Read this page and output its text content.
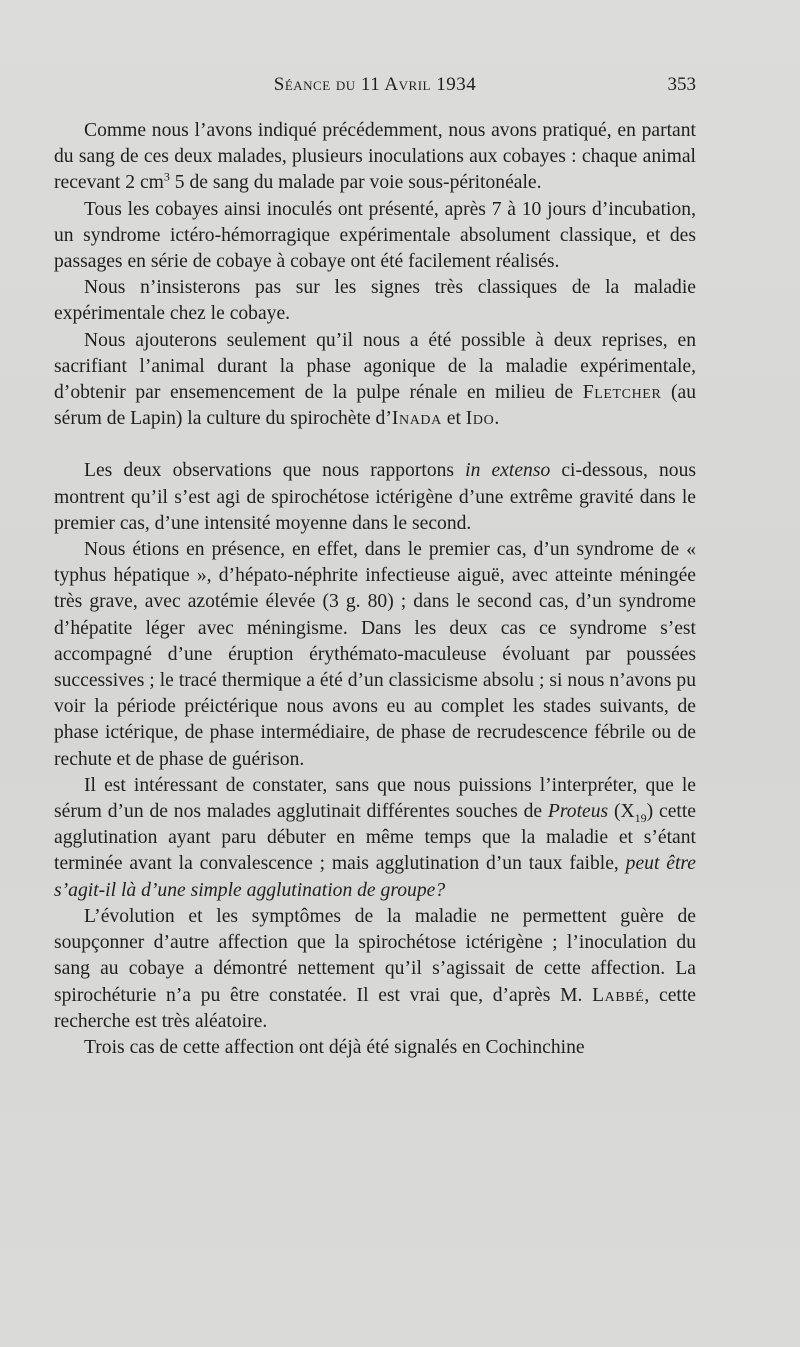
Séance du 11 Avril 1934	353

Comme nous l’avons indiqué précédemment, nous avons pratiqué, en partant du sang de ces deux malades, plusieurs inoculations aux cobayes : chaque animal recevant 2 $cm^3$ 5 de sang du malade par voie sous-péritonéale.

Tous les cobayes ainsi inoculés ont présenté, après 7 à 10 jours d’incubation, un syndrome ictéro-hémorragique expérimentale absolument classique, et des passages en série de cobaye à cobaye ont été facilement réalisés.

Nous n’insisterons pas sur les signes très classiques de la maladie expérimentale chez le cobaye.

Nous ajouterons seulement qu’il nous a été possible à deux reprises, en sacrifiant l’animal durant la phase agonique de la maladie expérimentale, d’obtenir par ensemencement de la pulpe rénale en milieu de Fletcher (au sérum de Lapin) la culture du spirochète d’Inada et Ido.

Les deux observations que nous rapportons in extenso ci-dessous, nous montrent qu’il s’est agi de spirochétose ictérigène d’une extrême gravité dans le premier cas, d’une intensité moyenne dans le second.

Nous étions en présence, en effet, dans le premier cas, d’un syndrome de « typhus hépatique », d’hépato-néphrite infectieuse aiguë, avec atteinte méningée très grave, avec azotémie élevée (3 g. 80) ; dans le second cas, d’un syndrome d’hépatite léger avec méningisme. Dans les deux cas ce syndrome s’est accompagné d’une éruption érythémato-maculeuse évoluant par poussées successives ; le tracé thermique a été d’un classicisme absolu ; si nous n’avons pu voir la période préictérique nous avons eu au complet les stades suivants, de phase ictérique, de phase intermédiaire, de phase de recrudescence fébrile ou de rechute et de phase de guérison.

Il est intéressant de constater, sans que nous puissions l’interpréter, que le sérum d’un de nos malades agglutinait différentes souches de Proteus $(X_{19})$ cette agglutination ayant paru débuter en même temps que la maladie et s’étant terminée avant la convalescence ; mais agglutination d’un taux faible, peut être s’agit-il là d’une simple agglutination de groupe?

L’évolution et les symptômes de la maladie ne permettent guère de soupçonner d’autre affection que la spirochétose ictérigène ; l’inoculation du sang au cobaye a démontré nettement qu’il s’agissait de cette affection. La spirochéturie n’a pu être constatée. Il est vrai que, d’après M. Labbé, cette recherche est très aléatoire.

Trois cas de cette affection ont déjà été signalés en Cochinchine
